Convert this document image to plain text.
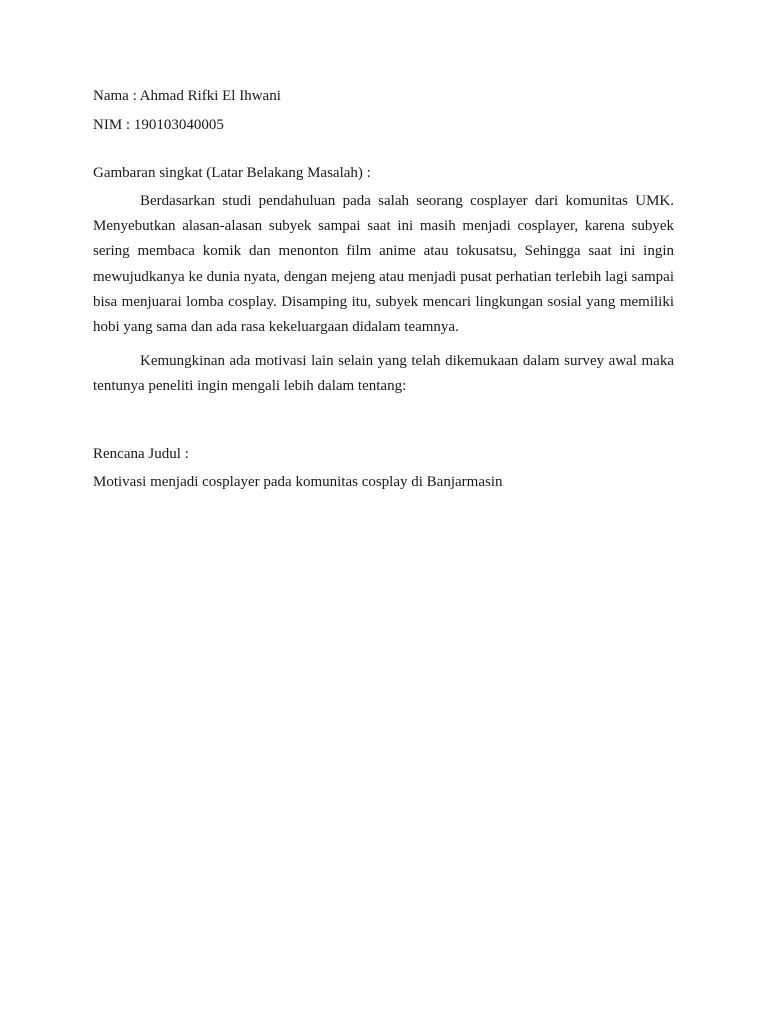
Nama : Ahmad Rifki El Ihwani

NIM : 190103040005

Gambaran singkat (Latar Belakang Masalah) :

Berdasarkan studi pendahuluan pada salah seorang cosplayer dari komunitas UMK. Menyebutkan alasan-alasan subyek sampai saat ini masih menjadi cosplayer, karena subyek sering membaca komik dan menonton film anime atau tokusatsu, Sehingga saat ini ingin mewujudkanya ke dunia nyata, dengan mejeng atau menjadi pusat perhatian terlebih lagi sampai bisa menjuarai lomba cosplay. Disamping itu, subyek mencari lingkungan sosial yang memiliki hobi yang sama dan ada rasa kekeluargaan didalam teamnya.

Kemungkinan ada motivasi lain selain yang telah dikemukaan dalam survey awal maka tentunya peneliti ingin mengali lebih dalam tentang:

Rencana Judul :

Motivasi menjadi cosplayer pada komunitas cosplay di Banjarmasin
